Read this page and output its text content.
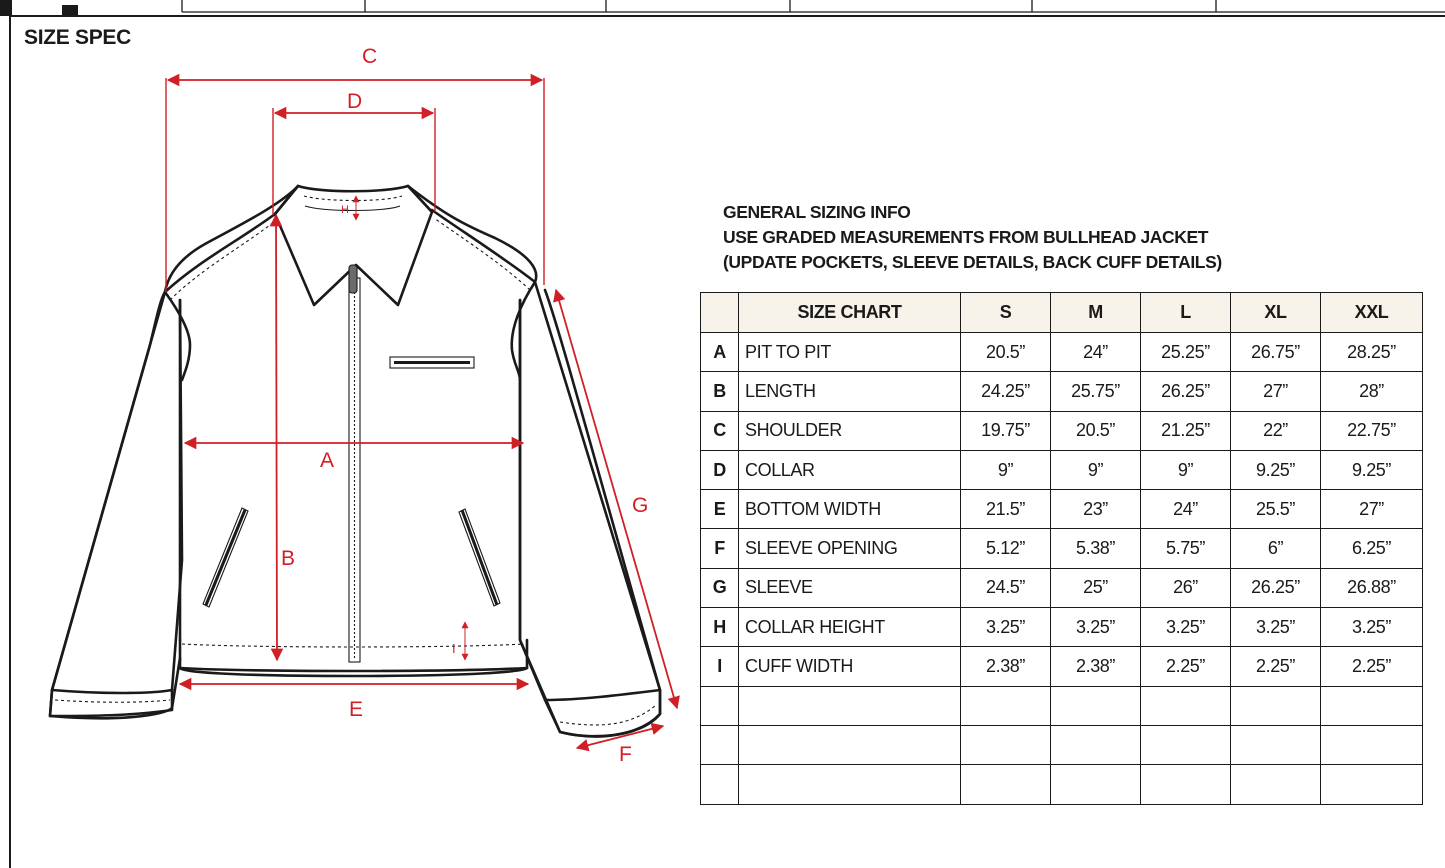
SIZE SPEC
C
D
A
B
E
G
F
H
I
GENERAL SIZING INFO
USE GRADED MEASUREMENTS FROM BULLHEAD JACKET
(UPDATE POCKETS, SLEEVE DETAILS, BACK CUFF DETAILS)
	SIZE CHART	S	M	L	XL	XXL
A	PIT TO PIT	20.5”	24”	25.25”	26.75”	28.25”
B	LENGTH	24.25”	25.75”	26.25”	27”	28”
C	SHOULDER	19.75”	20.5”	21.25”	22”	22.75”
D	COLLAR	9”	9”	9”	9.25”	9.25”
E	BOTTOM WIDTH	21.5”	23”	24”	25.5”	27”
F	SLEEVE OPENING	5.12”	5.38”	5.75”	6”	6.25”
G	SLEEVE	24.5”	25”	26”	26.25”	26.88”
H	COLLAR HEIGHT	3.25”	3.25”	3.25”	3.25”	3.25”
I	CUFF WIDTH	2.38”	2.38”	2.25”	2.25”	2.25”
